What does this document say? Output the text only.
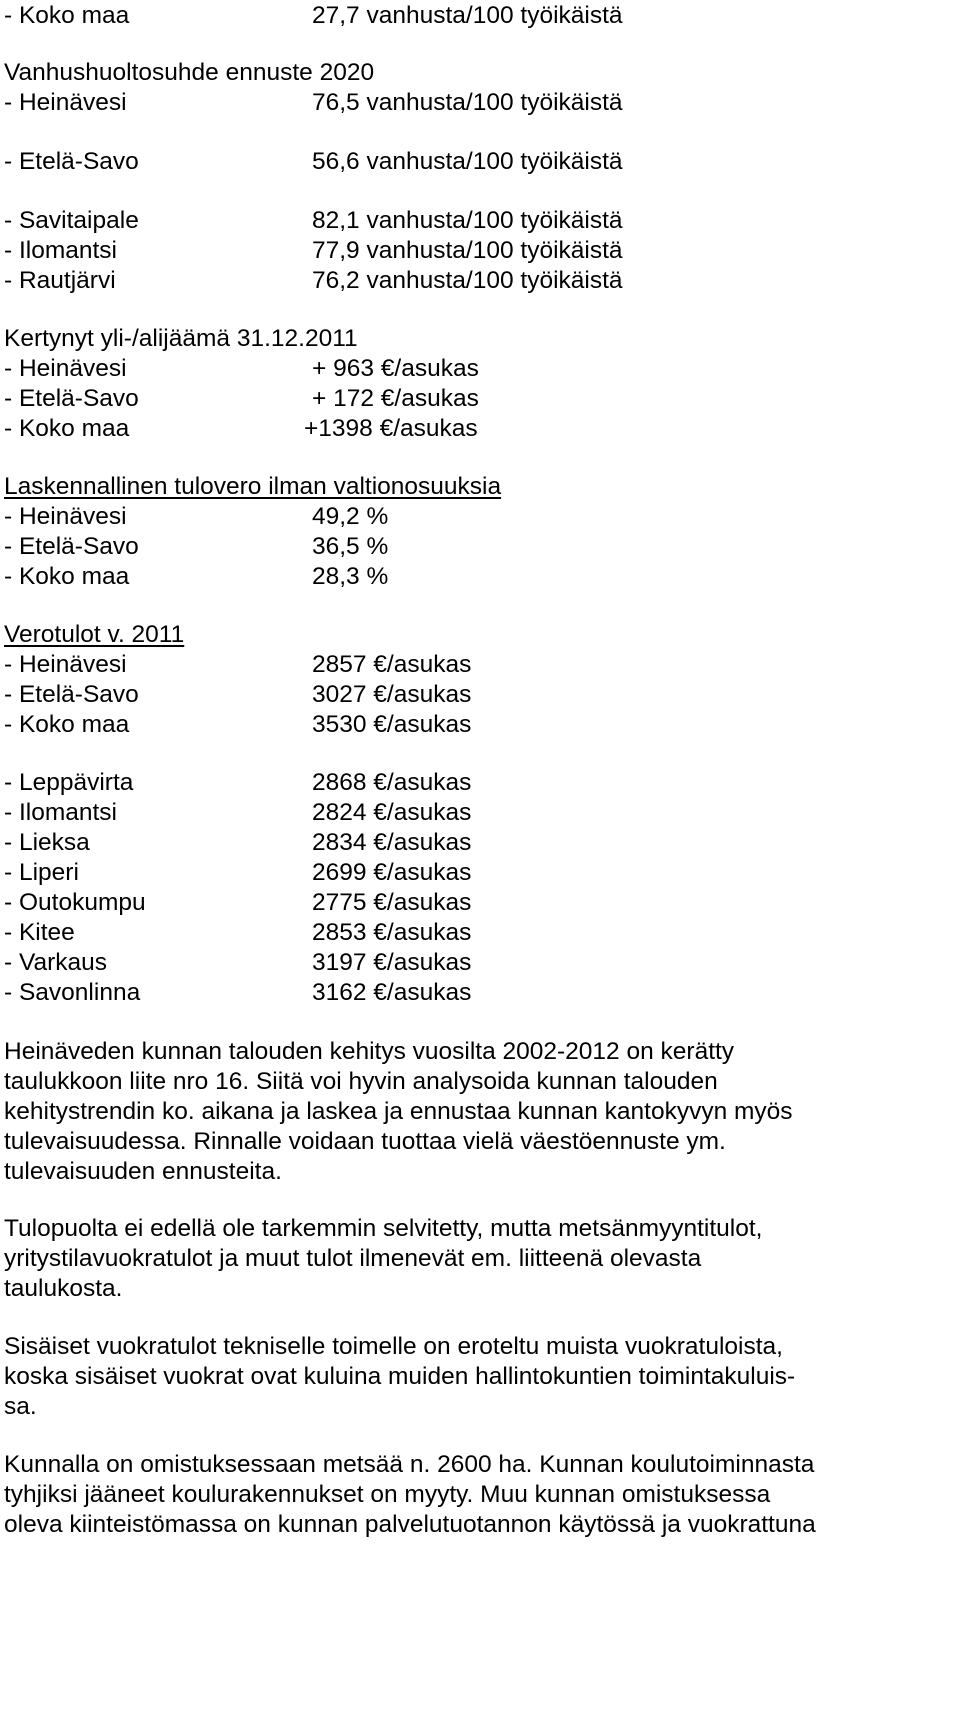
- Koko maa	27,7 vanhusta/100 työikäistä
Vanhushuoltosuhde ennuste 2020
- Heinävesi	76,5 vanhusta/100 työikäistä
- Etelä-Savo	56,6 vanhusta/100 työikäistä
- Savitaipale	82,1 vanhusta/100 työikäistä
- Ilomantsi	77,9 vanhusta/100 työikäistä
- Rautjärvi	76,2 vanhusta/100 työikäistä
Kertynyt yli-/alijäämä 31.12.2011
- Heinävesi	+ 963 €/asukas
- Etelä-Savo	+ 172 €/asukas
- Koko maa	+1398 €/asukas
Laskennallinen tulovero ilman valtionosuuksia
- Heinävesi	49,2 %
- Etelä-Savo	36,5 %
- Koko maa	28,3 %
Verotulot v. 2011
- Heinävesi	2857 €/asukas
- Etelä-Savo	3027 €/asukas
- Koko maa	3530 €/asukas
- Leppävirta	2868 €/asukas
- Ilomantsi	2824 €/asukas
- Lieksa	2834 €/asukas
- Liperi	2699 €/asukas
- Outokumpu	2775 €/asukas
- Kitee	2853 €/asukas
- Varkaus	3197 €/asukas
- Savonlinna	3162 €/asukas
Heinäveden kunnan talouden kehitys vuosilta 2002-2012 on kerätty
taulukkoon liite nro 16. Siitä voi hyvin analysoida kunnan talouden
kehitystrendin ko. aikana ja laskea ja ennustaa kunnan kantokyvyn myös
tulevaisuudessa. Rinnalle voidaan tuottaa vielä väestöennuste ym.
tulevaisuuden ennusteita.
Tulopuolta ei edellä ole tarkemmin selvitetty, mutta metsänmyyntitulot,
yritystilavuokratulot ja muut tulot ilmenevät em. liitteenä olevasta
taulukosta.
Sisäiset vuokratulot tekniselle toimelle on eroteltu muista vuokratuloista,
koska sisäiset vuokrat ovat kuluina muiden hallintokuntien toimintakuluis-
sa.
Kunnalla on omistuksessaan metsää n. 2600 ha. Kunnan koulutoiminnasta
tyhjiksi jääneet koulurakennukset on myyty. Muu kunnan omistuksessa
oleva kiinteistömassa on kunnan palvelutuotannon käytössä ja vuokrattuna
